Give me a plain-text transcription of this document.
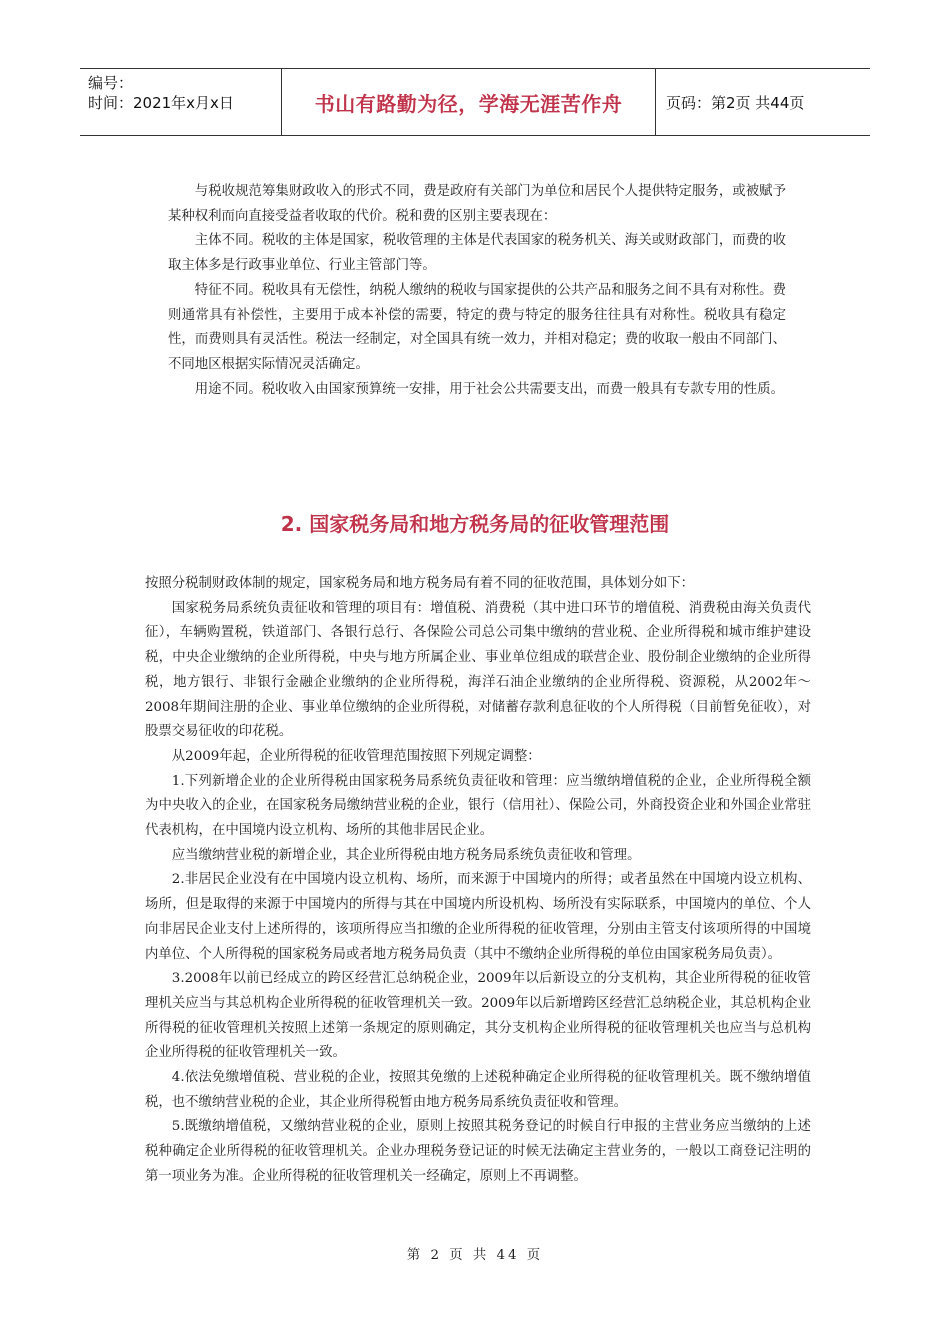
编号：
时间：2021年x月x日	书山有路勤为径，学海无涯苦作舟	页码：第2页 共44页

与税收规范筹集财政收入的形式不同，费是政府有关部门为单位和居民个人提供特定服务，或被赋予某种权利而向直接受益者收取的代价。税和费的区别主要表现在：

主体不同。税收的主体是国家，税收管理的主体是代表国家的税务机关、海关或财政部门，而费的收取主体多是行政事业单位、行业主管部门等。

特征不同。税收具有无偿性，纳税人缴纳的税收与国家提供的公共产品和服务之间不具有对称性。费则通常具有补偿性，主要用于成本补偿的需要，特定的费与特定的服务往往具有对称性。税收具有稳定性，而费则具有灵活性。税法一经制定，对全国具有统一效力，并相对稳定；费的收取一般由不同部门、不同地区根据实际情况灵活确定。

用途不同。税收收入由国家预算统一安排，用于社会公共需要支出，而费一般具有专款专用的性质。

2. 国家税务局和地方税务局的征收管理范围

按照分税制财政体制的规定，国家税务局和地方税务局有着不同的征收范围，具体划分如下：

国家税务局系统负责征收和管理的项目有：增值税、消费税（其中进口环节的增值税、消费税由海关负责代征），车辆购置税，铁道部门、各银行总行、各保险公司总公司集中缴纳的营业税、企业所得税和城市维护建设税，中央企业缴纳的企业所得税，中央与地方所属企业、事业单位组成的联营企业、股份制企业缴纳的企业所得税，地方银行、非银行金融企业缴纳的企业所得税，海洋石油企业缴纳的企业所得税、资源税，从2002年～2008年期间注册的企业、事业单位缴纳的企业所得税，对储蓄存款利息征收的个人所得税（目前暂免征收），对股票交易征收的印花税。

从2009年起，企业所得税的征收管理范围按照下列规定调整：

1.下列新增企业的企业所得税由国家税务局系统负责征收和管理：应当缴纳增值税的企业，企业所得税全额为中央收入的企业，在国家税务局缴纳营业税的企业，银行（信用社）、保险公司，外商投资企业和外国企业常驻代表机构，在中国境内设立机构、场所的其他非居民企业。

应当缴纳营业税的新增企业，其企业所得税由地方税务局系统负责征收和管理。

2.非居民企业没有在中国境内设立机构、场所，而来源于中国境内的所得；或者虽然在中国境内设立机构、场所，但是取得的来源于中国境内的所得与其在中国境内所设机构、场所没有实际联系，中国境内的单位、个人向非居民企业支付上述所得的，该项所得应当扣缴的企业所得税的征收管理，分别由主管支付该项所得的中国境内单位、个人所得税的国家税务局或者地方税务局负责（其中不缴纳企业所得税的单位由国家税务局负责）。

3.2008年以前已经成立的跨区经营汇总纳税企业，2009年以后新设立的分支机构，其企业所得税的征收管理机关应当与其总机构企业所得税的征收管理机关一致。2009年以后新增跨区经营汇总纳税企业，其总机构企业所得税的征收管理机关按照上述第一条规定的原则确定，其分支机构企业所得税的征收管理机关也应当与总机构企业所得税的征收管理机关一致。

4.依法免缴增值税、营业税的企业，按照其免缴的上述税种确定企业所得税的征收管理机关。既不缴纳增值税，也不缴纳营业税的企业，其企业所得税暂由地方税务局系统负责征收和管理。

5.既缴纳增值税，又缴纳营业税的企业，原则上按照其税务登记的时候自行申报的主营业务应当缴纳的上述税种确定企业所得税的征收管理机关。企业办理税务登记证的时候无法确定主营业务的，一般以工商登记注明的第一项业务为准。企业所得税的征收管理机关一经确定，原则上不再调整。

第 2 页 共 44 页
